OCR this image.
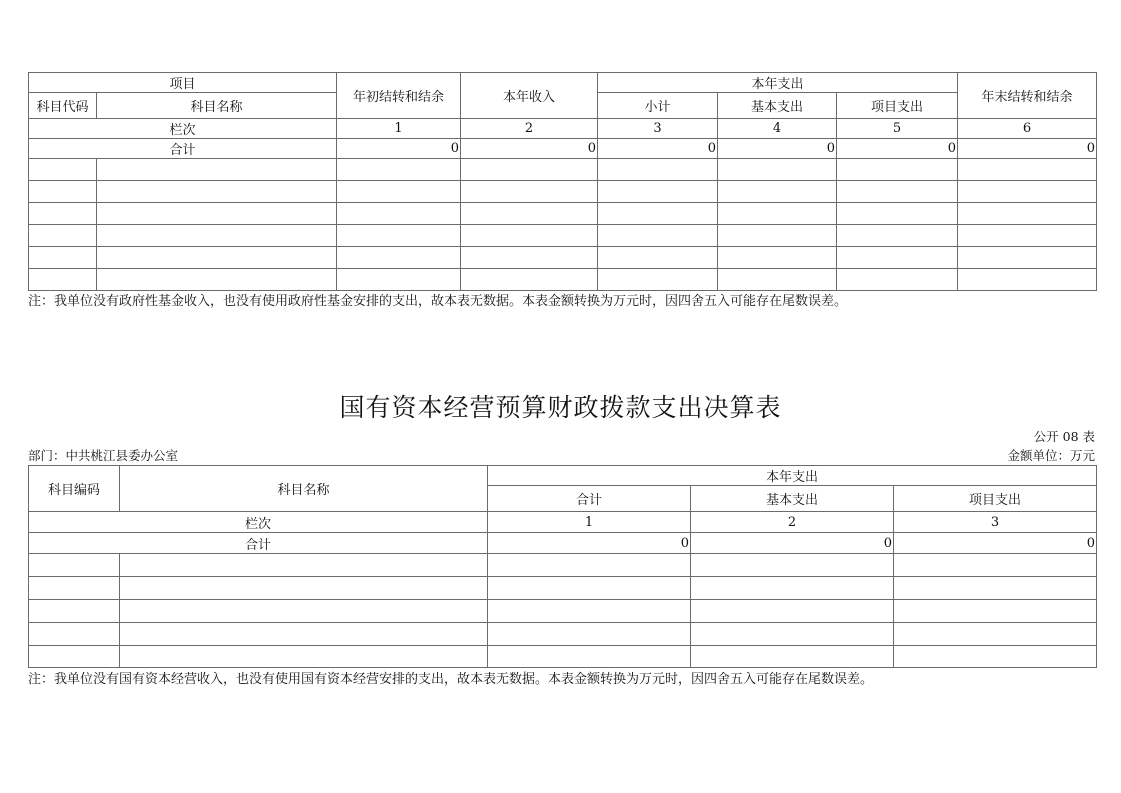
项目		年初结转和结余	本年收入	本年支出			年末结转和结余
科目代码	科目名称			小计	基本支出	项目支出	
栏次		1	2	3	4	5	6
合计		0	0	0	0	0	0

注：我单位没有政府性基金收入，也没有使用政府性基金安排的支出，故本表无数据。本表金额转换为万元时，因四舍五入可能存在尾数误差。
国有资本经营预算财政拨款支出决算表
公开 08 表
部门：中共桃江县委办公室	金额单位：万元
科目编码	科目名称	本年支出		
		合计	基本支出	项目支出
栏次		1	2	3
合计		0	0	0

注：我单位没有国有资本经营收入，也没有使用国有资本经营安排的支出，故本表无数据。本表金额转换为万元时，因四舍五入可能存在尾数误差。
